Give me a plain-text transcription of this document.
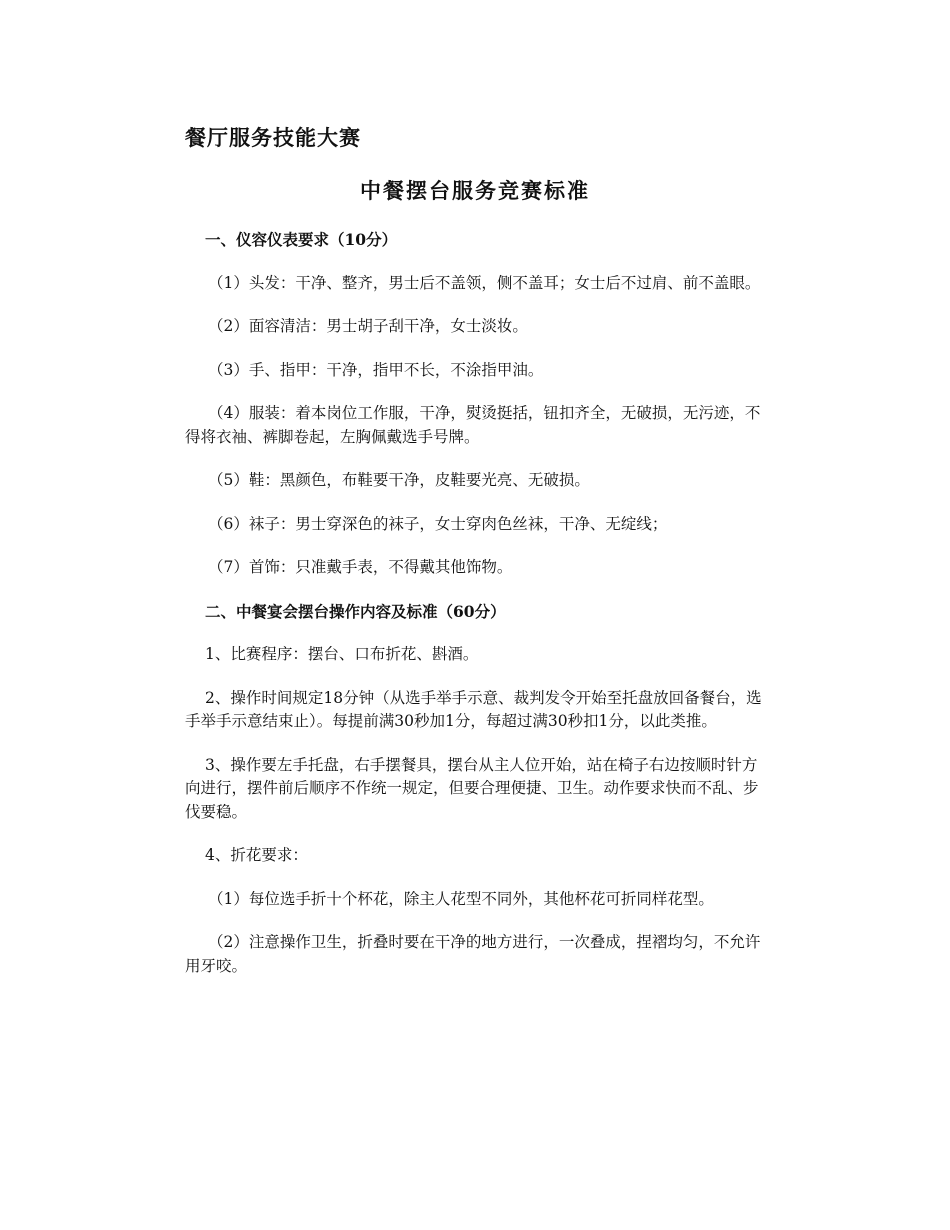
餐厅服务技能大赛
中餐摆台服务竞赛标准
一、仪容仪表要求（10分）

（1）头发：干净、整齐，男士后不盖领，侧不盖耳；女士后不过肩、前不盖眼。

（2）面容清洁：男士胡子刮干净，女士淡妆。

（3）手、指甲：干净，指甲不长，不涂指甲油。

（4）服装：着本岗位工作服，干净，熨烫挺括，钮扣齐全，无破损，无污迹，不得将衣袖、裤脚卷起，左胸佩戴选手号牌。

（5）鞋：黑颜色，布鞋要干净，皮鞋要光亮、无破损。

（6）袜子：男士穿深色的袜子，女士穿肉色丝袜，干净、无绽线；

（7）首饰：只准戴手表，不得戴其他饰物。

二、中餐宴会摆台操作内容及标准（60分）

1、比赛程序：摆台、口布折花、斟酒。

2、操作时间规定18分钟（从选手举手示意、裁判发令开始至托盘放回备餐台，选手举手示意结束止）。每提前满30秒加1分，每超过满30秒扣1分，以此类推。

3、操作要左手托盘，右手摆餐具，摆台从主人位开始，站在椅子右边按顺时针方向进行，摆件前后顺序不作统一规定，但要合理便捷、卫生。动作要求快而不乱、步伐要稳。

4、折花要求：

（1）每位选手折十个杯花，除主人花型不同外，其他杯花可折同样花型。

（2）注意操作卫生，折叠时要在干净的地方进行，一次叠成，捏褶均匀，不允许用牙咬。
